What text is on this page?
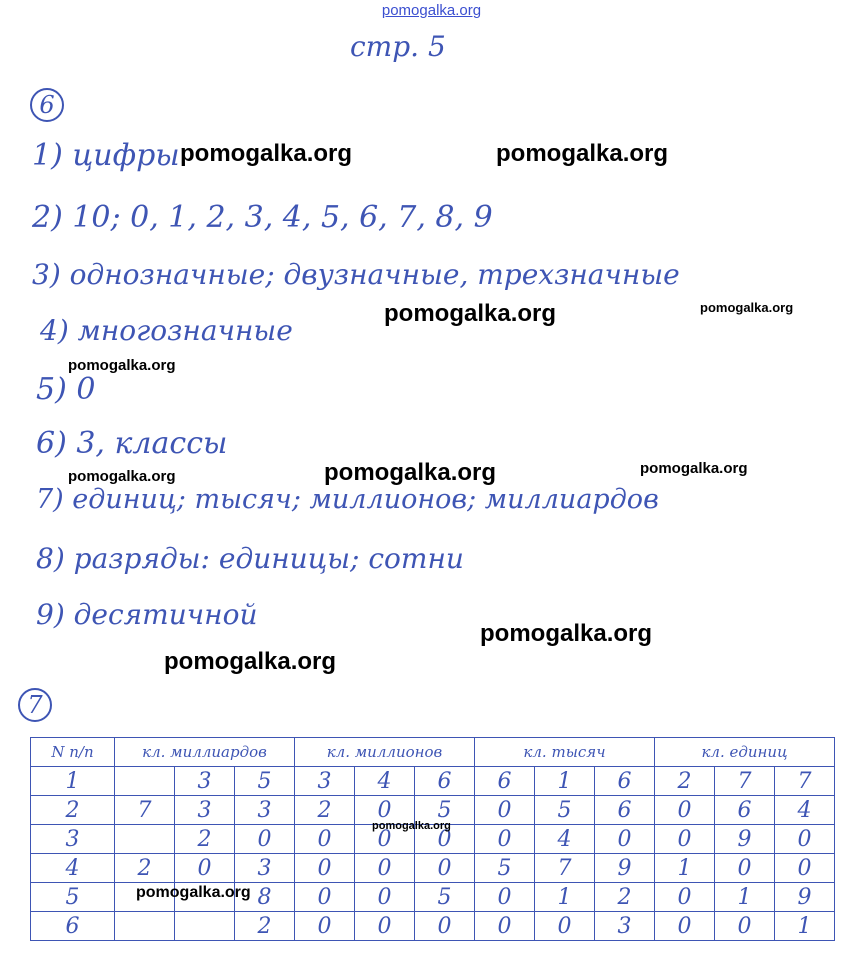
pomogalka.org
стр. 5
6
1) цифры
2) 10; 0, 1, 2, 3, 4, 5, 6, 7, 8, 9
3) однозначные; двузначные, трехзначные
4) многозначные
5) 0
6) 3, классы
7) единиц; тысяч; миллионов; миллиардов
8) разряды: единицы; сотни
9) десятичной
7
N п/п	кл. миллиардов			кл. миллионов			кл. тысяч			кл. единиц		
1		3	5	3	4	6	6	1	6	2	7	7
2	7	3	3	2	0	5	0	5	6	0	6	4
3		2	0	0	0	0	0	4	0	0	9	0
4	2	0	3	0	0	0	5	7	9	1	0	0
5			8	0	0	5	0	1	2	0	1	9
6			2	0	0	0	0	0	3	0	0	1
pomogalka.org	pomogalka.org
pomogalka.org	pomogalka.org
pomogalka.org
pomogalka.org	pomogalka.org	pomogalka.org
pomogalka.org
pomogalka.org
pomogalka.org
pomogalka.org
